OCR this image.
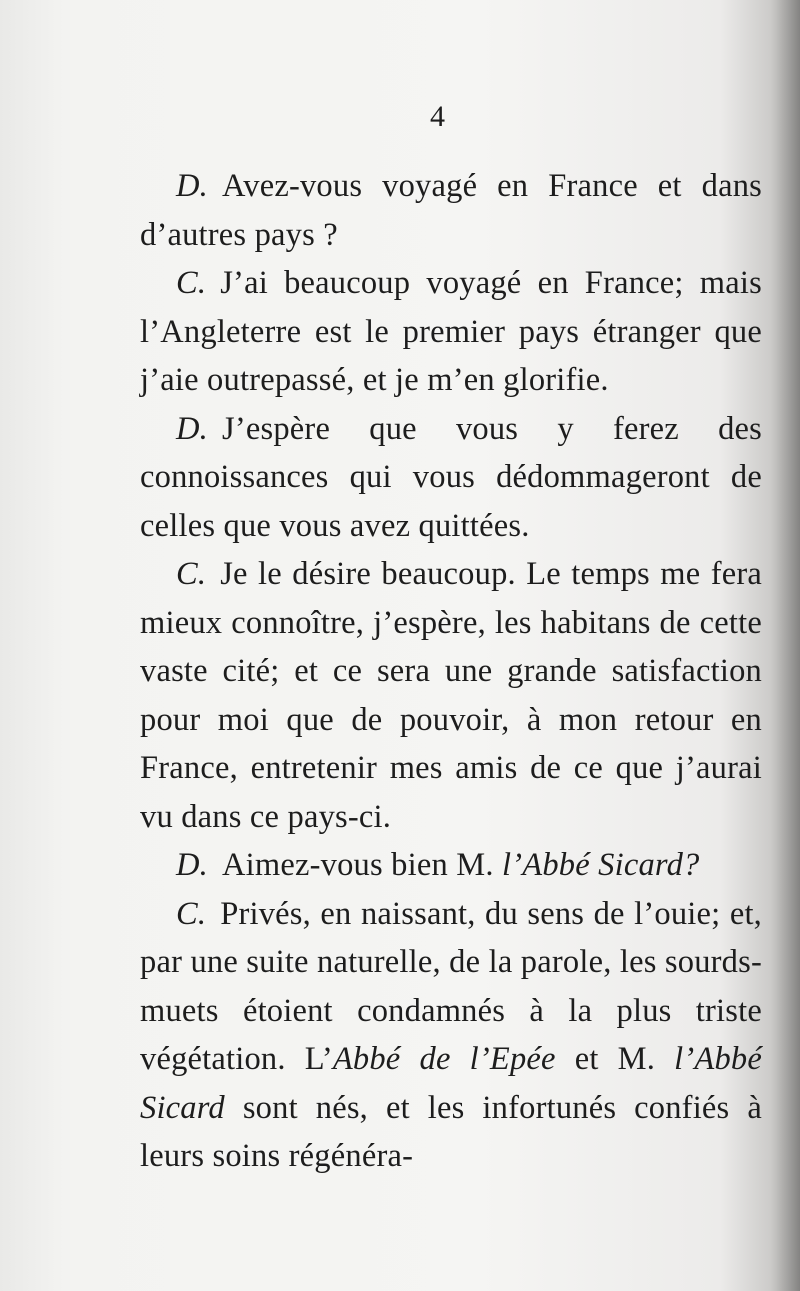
4

D. Avez-vous voyagé en France et dans d’autres pays ?

C. J’ai beaucoup voyagé en France; mais l’Angleterre est le premier pays étranger que j’aie outrepassé, et je m’en glorifie.

D. J’espère que vous y ferez des connoissances qui vous dédommageront de celles que vous avez quittées.

C. Je le désire beaucoup. Le temps me fera mieux connoître, j’espère, les habitans de cette vaste cité; et ce sera une grande satisfaction pour moi que de pouvoir, à mon retour en France, entretenir mes amis de ce que j’aurai vu dans ce pays-ci.

D. Aimez-vous bien M. l’Abbé Sicard?

C. Privés, en naissant, du sens de l’ouie; et, par une suite naturelle, de la parole, les sourds-muets étoient condamnés à la plus triste végétation. L’Abbé de l’Epée et M. l’Abbé Sicard sont nés, et les infortunés confiés à leurs soins régénéra-
